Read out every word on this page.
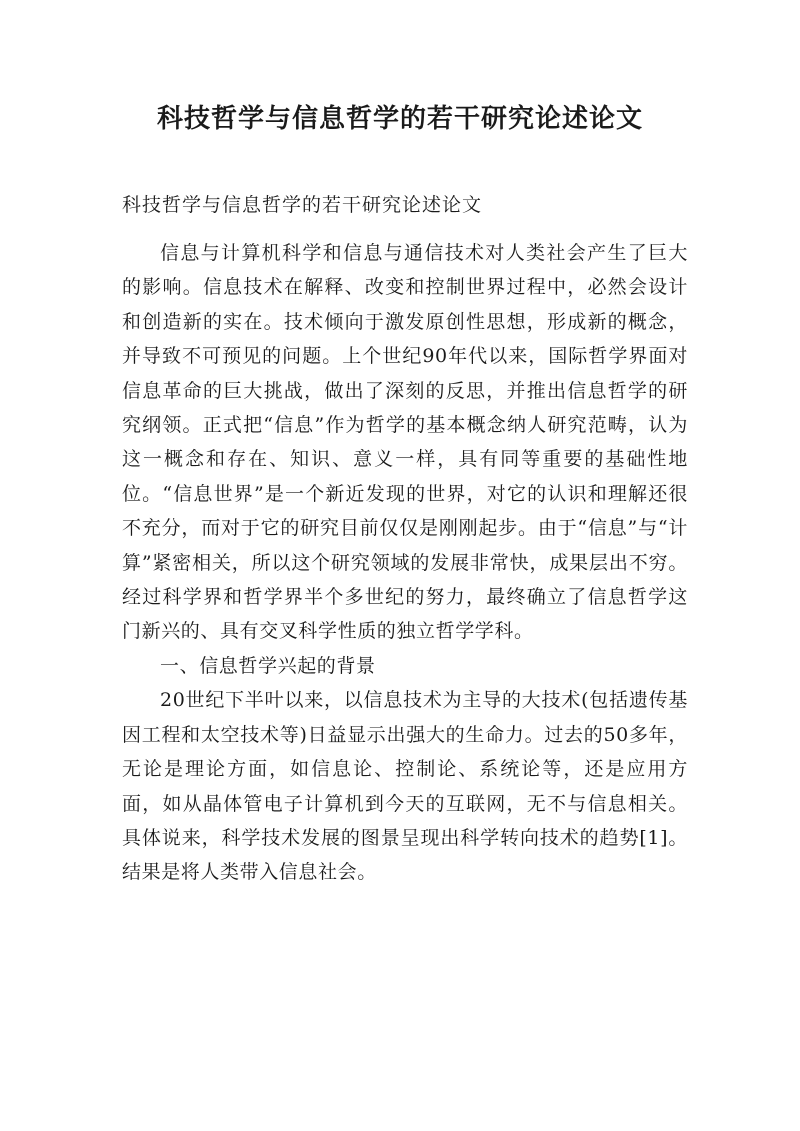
科技哲学与信息哲学的若干研究论述论文

科技哲学与信息哲学的若干研究论述论文

信息与计算机科学和信息与通信技术对人类社会产生了巨大的影响。信息技术在解释、改变和控制世界过程中，必然会设计和创造新的实在。技术倾向于激发原创性思想，形成新的概念，并导致不可预见的问题。上个世纪90年代以来，国际哲学界面对信息革命的巨大挑战，做出了深刻的反思，并推出信息哲学的研究纲领。正式把“信息”作为哲学的基本概念纳人研究范畴，认为这一概念和存在、知识、意义一样，具有同等重要的基础性地位。“信息世界”是一个新近发现的世界，对它的认识和理解还很不充分，而对于它的研究目前仅仅是刚刚起步。由于“信息”与“计算”紧密相关，所以这个研究领域的发展非常快，成果层出不穷。经过科学界和哲学界半个多世纪的努力，最终确立了信息哲学这门新兴的、具有交叉科学性质的独立哲学学科。

一、信息哲学兴起的背景

20世纪下半叶以来，以信息技术为主导的大技术(包括遗传基因工程和太空技术等)日益显示出强大的生命力。过去的50多年，无论是理论方面，如信息论、控制论、系统论等，还是应用方面，如从晶体管电子计算机到今天的互联网，无不与信息相关。具体说来，科学技术发展的图景呈现出科学转向技术的趋势[1]。结果是将人类带入信息社会。
